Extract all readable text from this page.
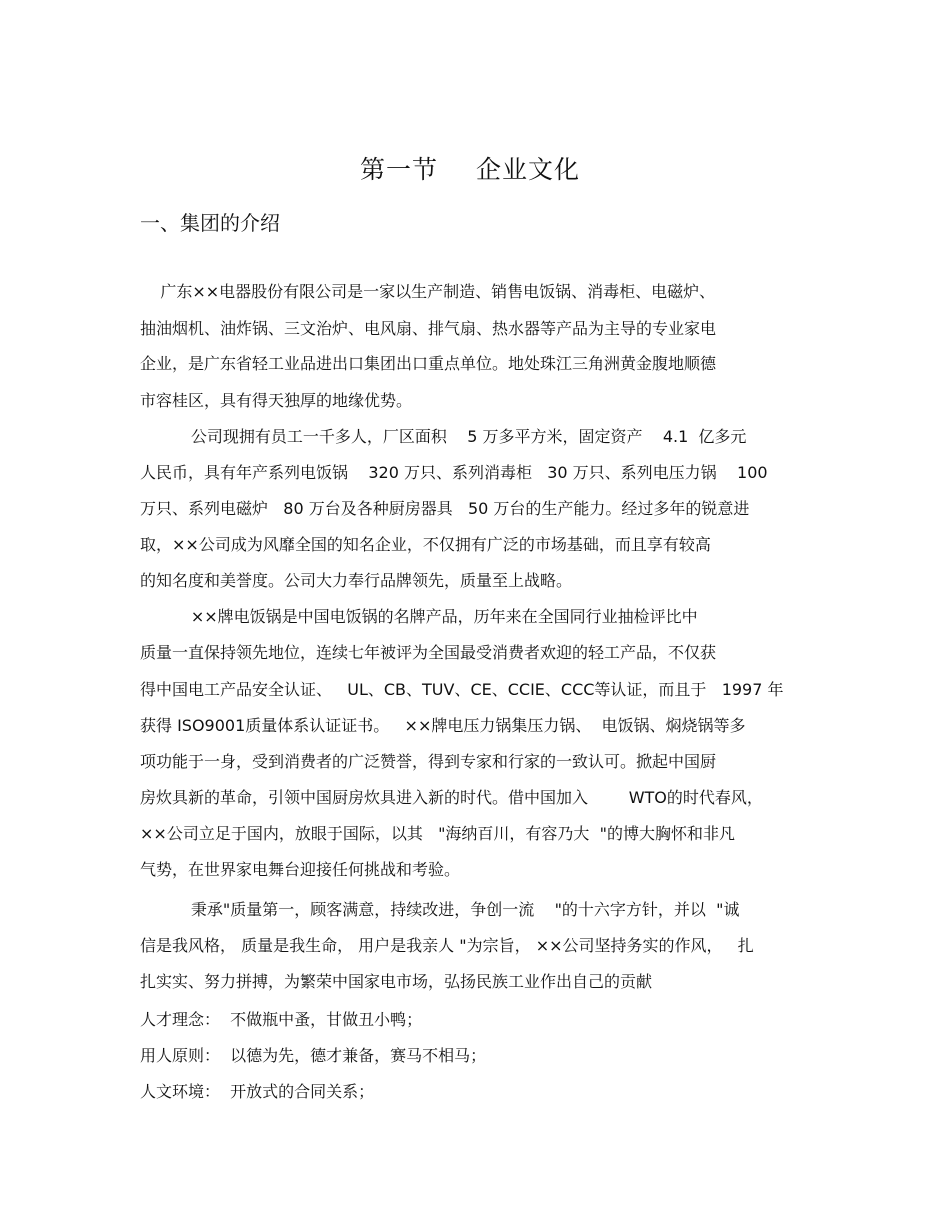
第一节 企业文化
一、集团的介绍
广东××电器股份有限公司是一家以生产制造、销售电饭锅、消毒柜、电磁炉、
抽油烟机、油炸锅、三文治炉、电风扇、排气扇、热水器等产品为主导的专业家电
企业，是广东省轻工业品进出口集团出口重点单位。地处珠江三角洲黄金腹地顺德
市容桂区，具有得天独厚的地缘优势。
公司现拥有员工一千多人，厂区面积    5 万多平方米，固定资产    4.1  亿多元
人民币，具有年产系列电饭锅    320 万只、系列消毒柜   30 万只、系列电压力锅    100
万只、系列电磁炉   80 万台及各种厨房器具   50 万台的生产能力。经过多年的锐意进
取，××公司成为风靡全国的知名企业，不仅拥有广泛的市场基础，而且享有较高
的知名度和美誉度。公司大力奉行品牌领先，质量至上战略。
××牌电饭锅是中国电饭锅的名牌产品，历年来在全国同行业抽检评比中
质量一直保持领先地位，连续七年被评为全国最受消费者欢迎的轻工产品，不仅获
得中国电工产品安全认证、   UL、CB、TUV、CE、CCIE、CCC等认证，而且于   1997 年
获得 ISO9001质量体系认证证书。   ××牌电压力锅集压力锅、  电饭锅、焖烧锅等多
项功能于一身，受到消费者的广泛赞誉，得到专家和行家的一致认可。掀起中国厨
房炊具新的革命，引领中国厨房炊具进入新的时代。借中国加入        WTO的时代春风，
××公司立足于国内，放眼于国际，以其   "海纳百川，有容乃大  "的博大胸怀和非凡
气势，在世界家电舞台迎接任何挑战和考验。
秉承"质量第一，顾客满意，持续改进，争创一流    "的十六字方针，并以  "诚
信是我风格， 质量是我生命， 用户是我亲人 "为宗旨， ××公司坚持务实的作风，   扎
扎实实、努力拼搏，为繁荣中国家电市场，弘扬民族工业作出自己的贡献
人才理念：  不做瓶中蚤，甘做丑小鸭；
用人原则：  以德为先，德才兼备，赛马不相马；
人文环境：  开放式的合同关系；
